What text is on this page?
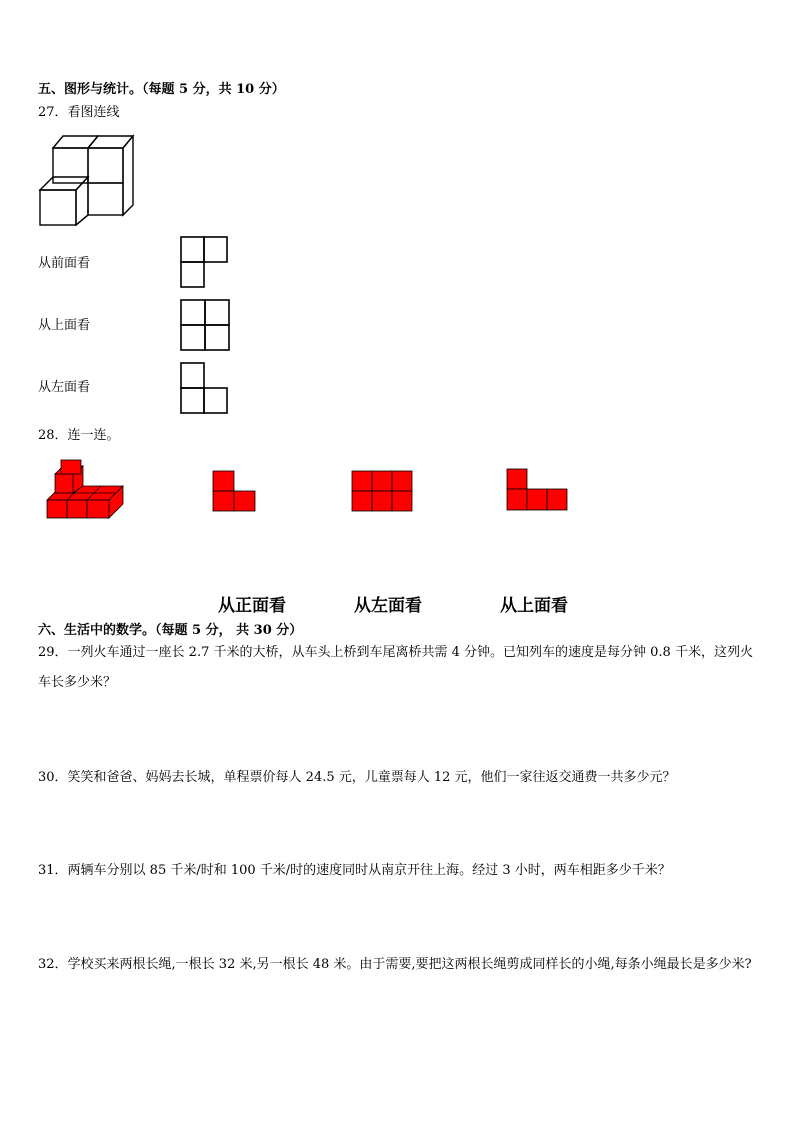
五、图形与统计。（每题 5 分，共 10 分）
27．看图连线
从前面看
从上面看
从左面看
28．连一连。
从正面看	从左面看	从上面看
六、生活中的数学。（每题 5 分， 共 30 分）
29．一列火车通过一座长 2.7 千米的大桥，从车头上桥到车尾离桥共需 4 分钟。已知列车的速度是每分钟 0.8 千米，这列火车长多少米？
30．笑笑和爸爸、妈妈去长城，单程票价每人 24.5 元，儿童票每人 12 元，他们一家往返交通费一共多少元？
31．两辆车分别以 85 千米/时和 100 千米/时的速度同时从南京开往上海。经过 3 小时，两车相距多少千米？
32．学校买来两根长绳,一根长 32 米,另一根长 48 米。由于需要,要把这两根长绳剪成同样长的小绳,每条小绳最长是多少米?
